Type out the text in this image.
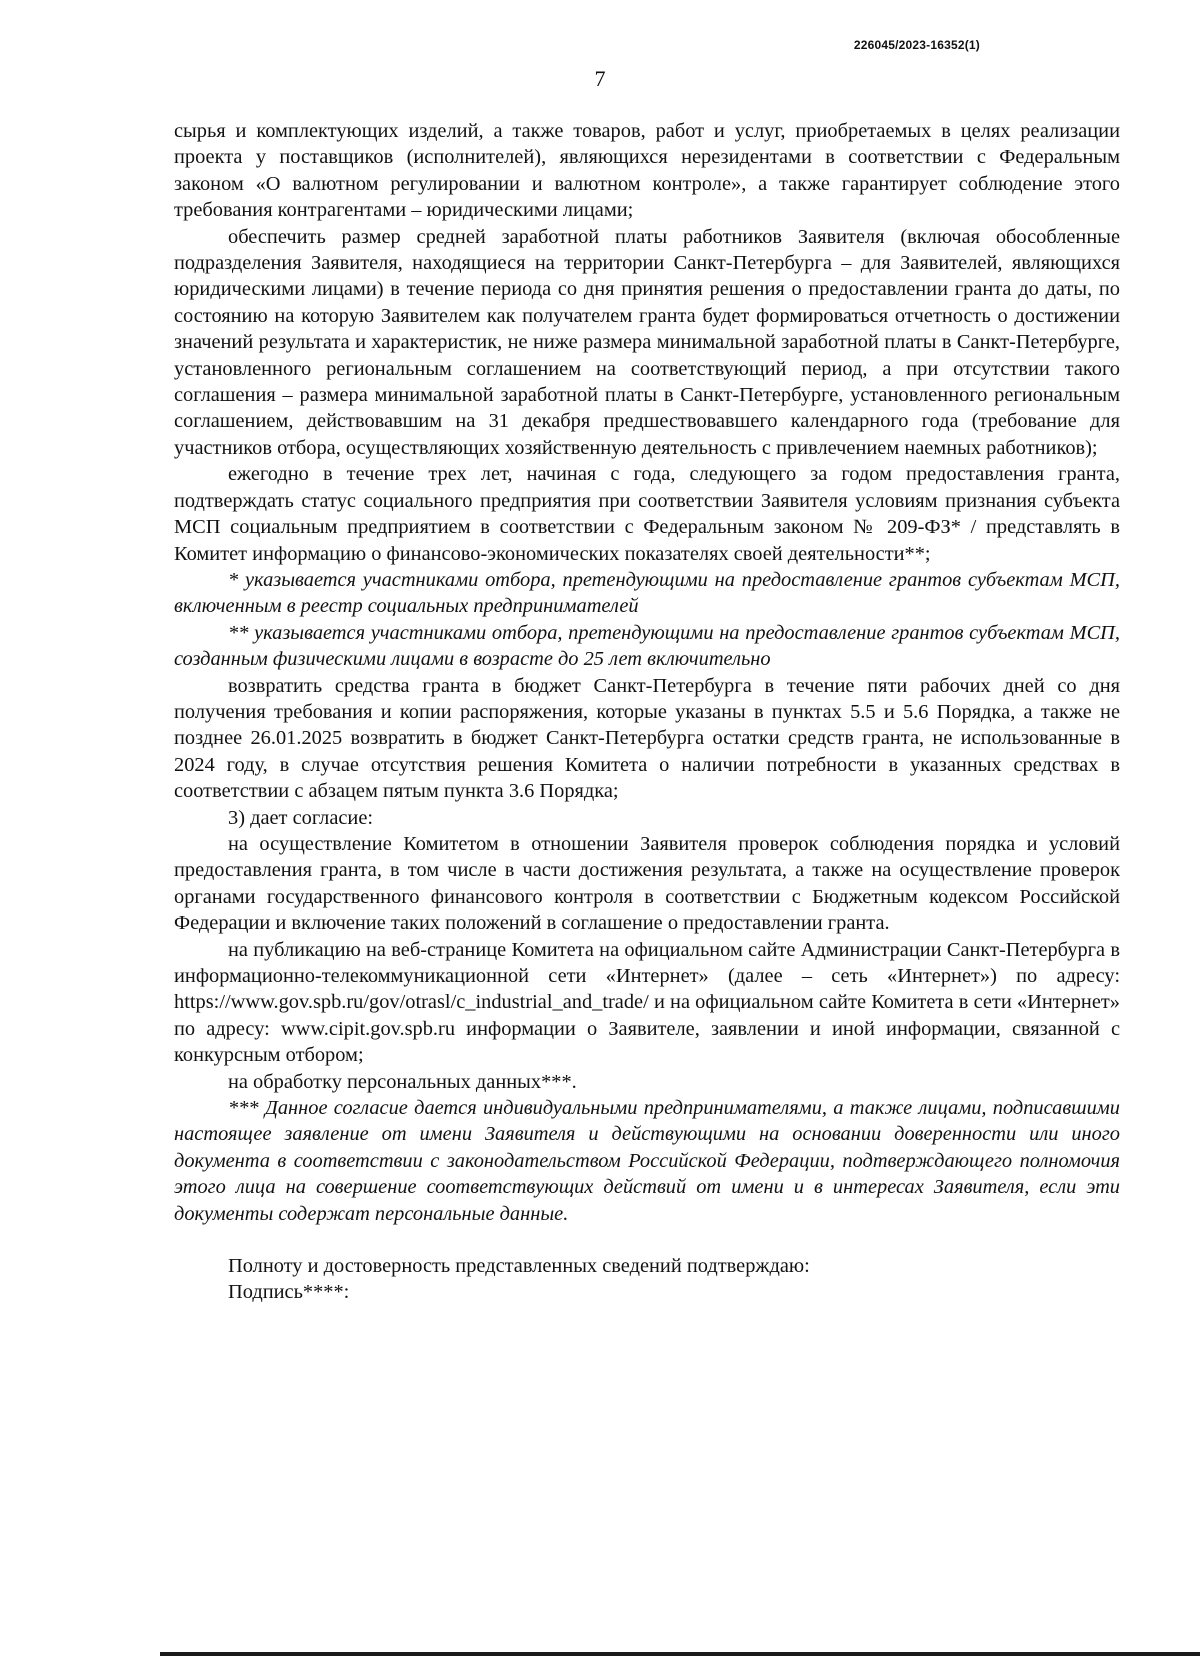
226045/2023-16352(1)
7

сырья и комплектующих изделий, а также товаров, работ и услуг, приобретаемых в целях реализации проекта у поставщиков (исполнителей), являющихся нерезидентами в соответствии с Федеральным законом «О валютном регулировании и валютном контроле», а также гарантирует соблюдение этого требования контрагентами – юридическими лицами;

обеспечить размер средней заработной платы работников Заявителя (включая обособленные подразделения Заявителя, находящиеся на территории Санкт-Петербурга – для Заявителей, являющихся юридическими лицами) в течение периода со дня принятия решения о предоставлении гранта до даты, по состоянию на которую Заявителем как получателем гранта будет формироваться отчетность о достижении значений результата и характеристик, не ниже размера минимальной заработной платы в Санкт-Петербурге, установленного региональным соглашением на соответствующий период, а при отсутствии такого соглашения – размера минимальной заработной платы в Санкт-Петербурге, установленного региональным соглашением, действовавшим на 31 декабря предшествовавшего календарного года (требование для участников отбора, осуществляющих хозяйственную деятельность с привлечением наемных работников);

ежегодно в течение трех лет, начиная с года, следующего за годом предоставления гранта, подтверждать статус социального предприятия при соответствии Заявителя условиям признания субъекта МСП социальным предприятием в соответствии с Федеральным законом № 209-ФЗ* / представлять в Комитет информацию о финансово-экономических показателях своей деятельности**;

* указывается участниками отбора, претендующими на предоставление грантов субъектам МСП, включенным в реестр социальных предпринимателей

** указывается участниками отбора, претендующими на предоставление грантов субъектам МСП, созданным физическими лицами в возрасте до 25 лет включительно

возвратить средства гранта в бюджет Санкт-Петербурга в течение пяти рабочих дней со дня получения требования и копии распоряжения, которые указаны в пунктах 5.5 и 5.6 Порядка, а также не позднее 26.01.2025 возвратить в бюджет Санкт-Петербурга остатки средств гранта, не использованные в 2024 году, в случае отсутствия решения Комитета о наличии потребности в указанных средствах в соответствии с абзацем пятым пункта 3.6 Порядка;

3) дает согласие:

на осуществление Комитетом в отношении Заявителя проверок соблюдения порядка и условий предоставления гранта, в том числе в части достижения результата, а также на осуществление проверок органами государственного финансового контроля в соответствии с Бюджетным кодексом Российской Федерации и включение таких положений в соглашение о предоставлении гранта.

на публикацию на веб-странице Комитета на официальном сайте Администрации Санкт-Петербурга в информационно-телекоммуникационной сети «Интернет» (далее – сеть «Интернет») по адресу: https://www.gov.spb.ru/gov/otrasl/c_industrial_and_trade/ и на официальном сайте Комитета в сети «Интернет» по адресу: www.cipit.gov.spb.ru информации о Заявителе, заявлении и иной информации, связанной с конкурсным отбором;

на обработку персональных данных***.

*** Данное согласие дается индивидуальными предпринимателями, а также лицами, подписавшими настоящее заявление от имени Заявителя и действующими на основании доверенности или иного документа в соответствии с законодательством Российской Федерации, подтверждающего полномочия этого лица на совершение соответствующих действий от имени и в интересах Заявителя, если эти документы содержат персональные данные.

Полноту и достоверность представленных сведений подтверждаю:

Подпись****:
